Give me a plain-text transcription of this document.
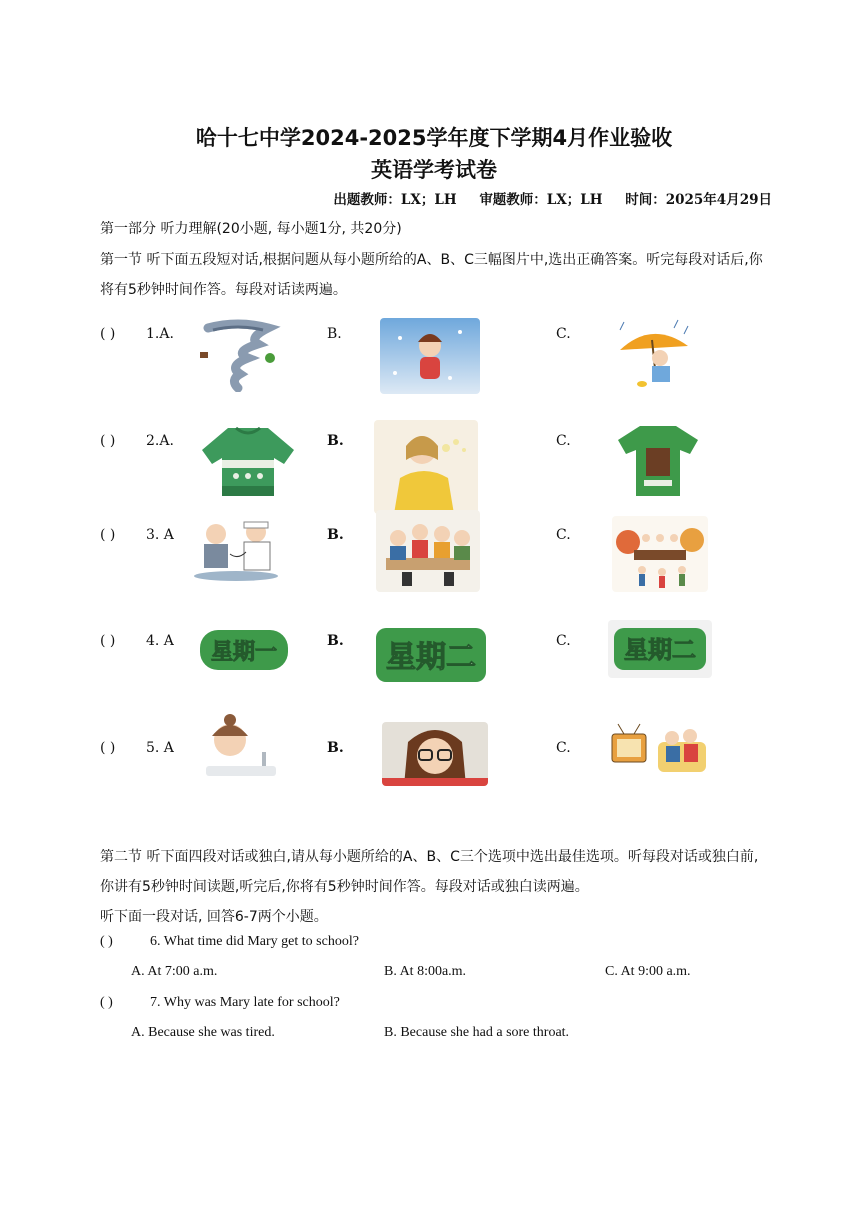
哈十七中学2024-2025学年度下学期4月作业验收
英语学考试卷
出题教师：LX；LH 审题教师：LX；LH 时间：2025年4月29日
第一部分 听力理解(20小题, 每小题1分, 共20分)
第一节 听下面五段短对话,根据问题从每小题所给的A、B、C三幅图片中,选出正确答案。听完每段对话后,你将有5秒钟时间作答。每段对话读两遍。
( ) 1.A.	B.	C.
( ) 2.A.	B.	C.
( ) 3. A	B.	C.
( ) 4. A	B.	C.
( ) 5. A	B.	C.
星期一	星期二	星期二
第二节 听下面四段对话或独白,请从每小题所给的A、B、C三个选项中选出最佳选项。听每段对话或独白前, 你讲有5秒钟时间读题,听完后,你将有5秒钟时间作答。每段对话或独白读两遍。
听下面一段对话, 回答6-7两个小题。
( )	6. What time did Mary get to school?
A. At 7:00 a.m.	B. At 8:00a.m.	C. At 9:00 a.m.
( )	7. Why was Mary late for school?
A. Because she was tired.	B. Because she had a sore throat.
